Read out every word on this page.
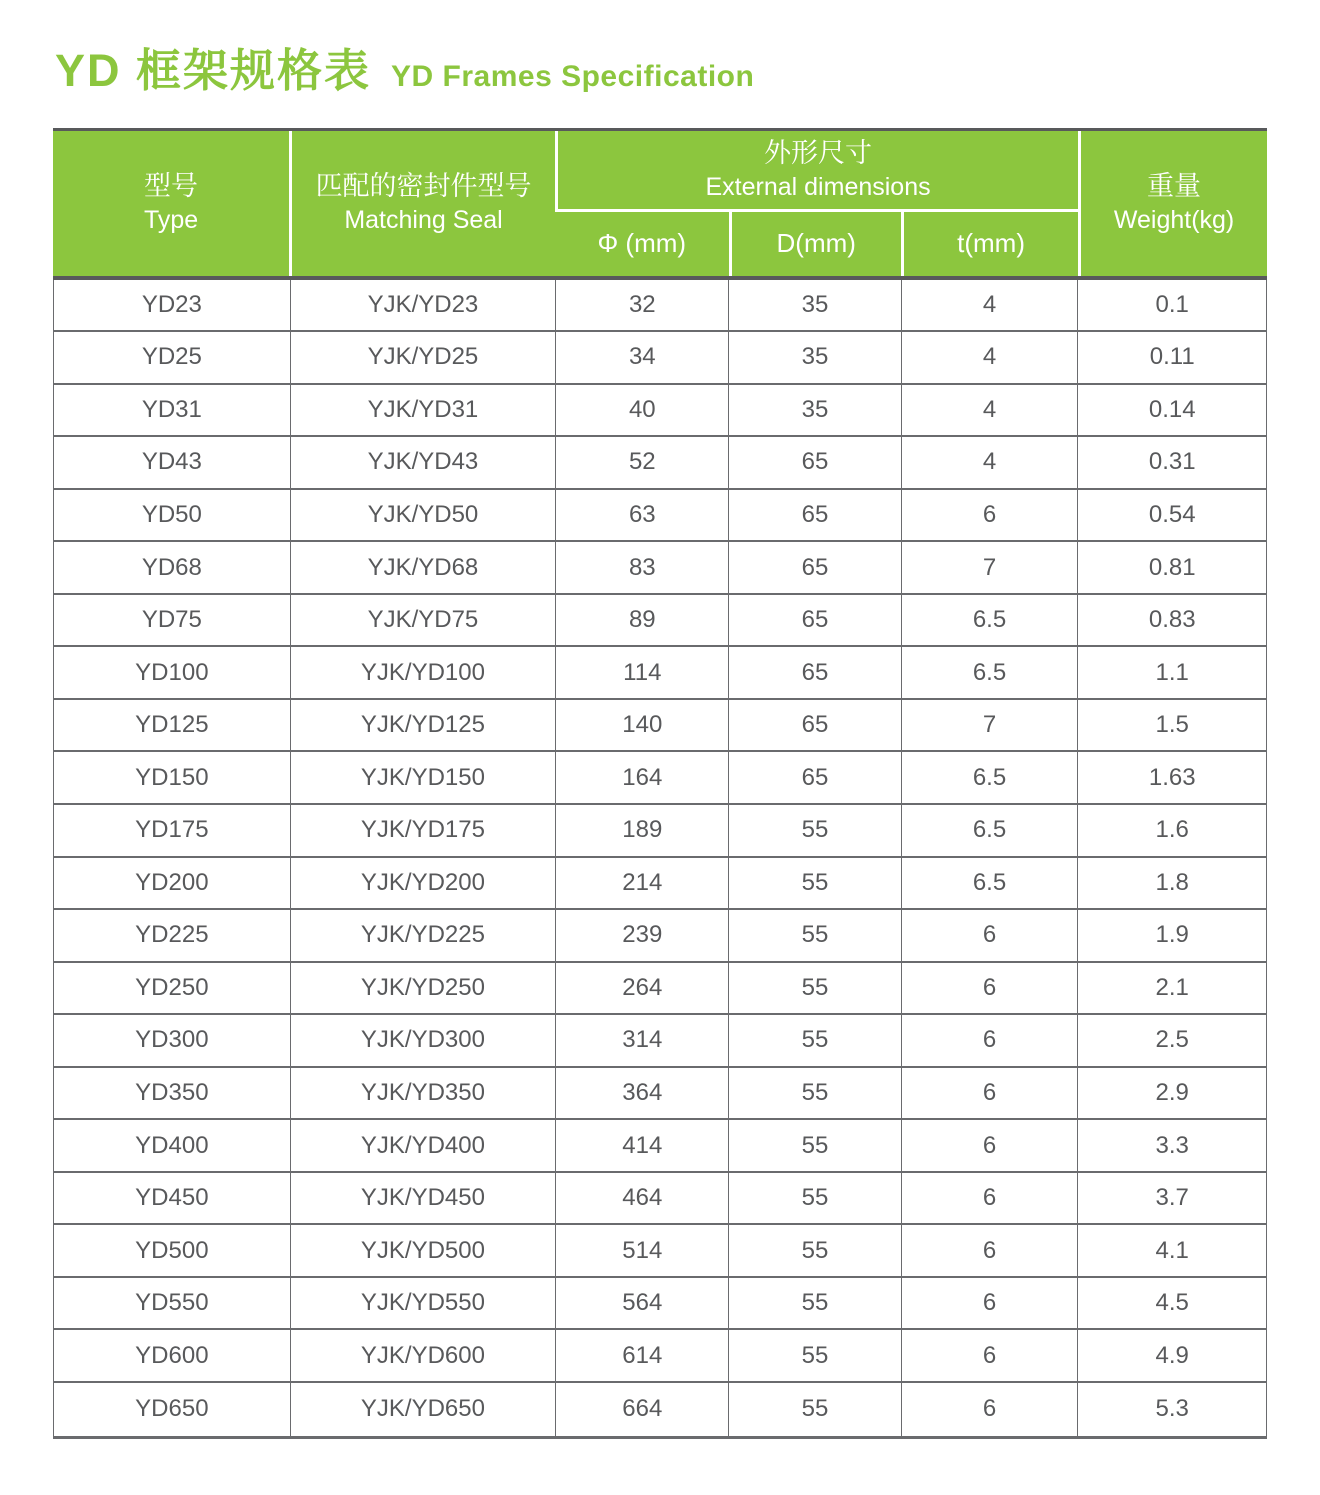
YD 框架规格表 YD Frames Specification
型号
Type
匹配的密封件型号
Matching Seal
外形尺寸
External dimensions
Φ (mm)	D(mm)	t(mm)
重量
Weight(kg)
YD23	YJK/YD23	32	35	4	0.1
YD25	YJK/YD25	34	35	4	0.11
YD31	YJK/YD31	40	35	4	0.14
YD43	YJK/YD43	52	65	4	0.31
YD50	YJK/YD50	63	65	6	0.54
YD68	YJK/YD68	83	65	7	0.81
YD75	YJK/YD75	89	65	6.5	0.83
YD100	YJK/YD100	114	65	6.5	1.1
YD125	YJK/YD125	140	65	7	1.5
YD150	YJK/YD150	164	65	6.5	1.63
YD175	YJK/YD175	189	55	6.5	1.6
YD200	YJK/YD200	214	55	6.5	1.8
YD225	YJK/YD225	239	55	6	1.9
YD250	YJK/YD250	264	55	6	2.1
YD300	YJK/YD300	314	55	6	2.5
YD350	YJK/YD350	364	55	6	2.9
YD400	YJK/YD400	414	55	6	3.3
YD450	YJK/YD450	464	55	6	3.7
YD500	YJK/YD500	514	55	6	4.1
YD550	YJK/YD550	564	55	6	4.5
YD600	YJK/YD600	614	55	6	4.9
YD650	YJK/YD650	664	55	6	5.3
